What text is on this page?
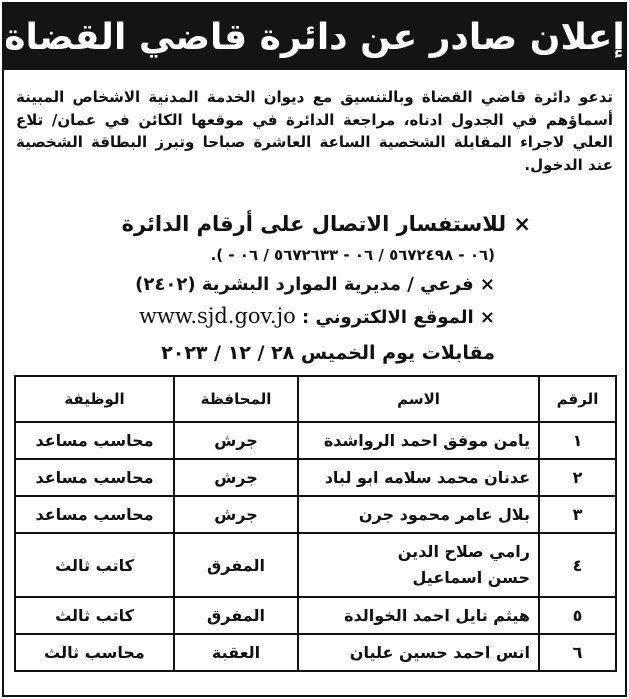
إعلان صادر عن دائرة قاضي القضاة
تدعو دائرة قاضي القضاة وبالتنسيق مع ديوان الخدمة المدنية الاشخاص المبينة أسماؤهم في الجدول ادناه، مراجعة الدائرة في موقعها الكائن في عمان/ تلاع العلي لاجراء المقابلة الشخصية الساعة العاشرة صباحا وتبرز البطاقة الشخصية عند الدخول.
× للاستفسار الاتصال على أرقام الدائرة
(٠٦ - ٥٦٧٢٤٩٨ / ٠٦ - ٥٦٧٢٦٣٣ / ٠٦ - ).
× فرعي / مديرية الموارد البشرية (٢٤٠٢)
× الموقع الالكتروني : www.sjd.gov.jo
مقابلات يوم الخميس ٢٨ / ١٢ / ٢٠٢٣
الرقم	الاسم	المحافظة	الوظيفة
١	يامن موفق احمد الرواشدة	جرش	محاسب مساعد
٢	عدنان محمد سلامه ابو لباد	جرش	محاسب مساعد
٣	بلال عامر محمود جرن	جرش	محاسب مساعد
٤	رامي صلاح الدين
حسن اسماعيل	المفرق	كاتب ثالث
٥	هيثم نايل احمد الخوالدة	المفرق	كاتب ثالث
٦	انس احمد حسين عليان	العقبة	محاسب ثالث
